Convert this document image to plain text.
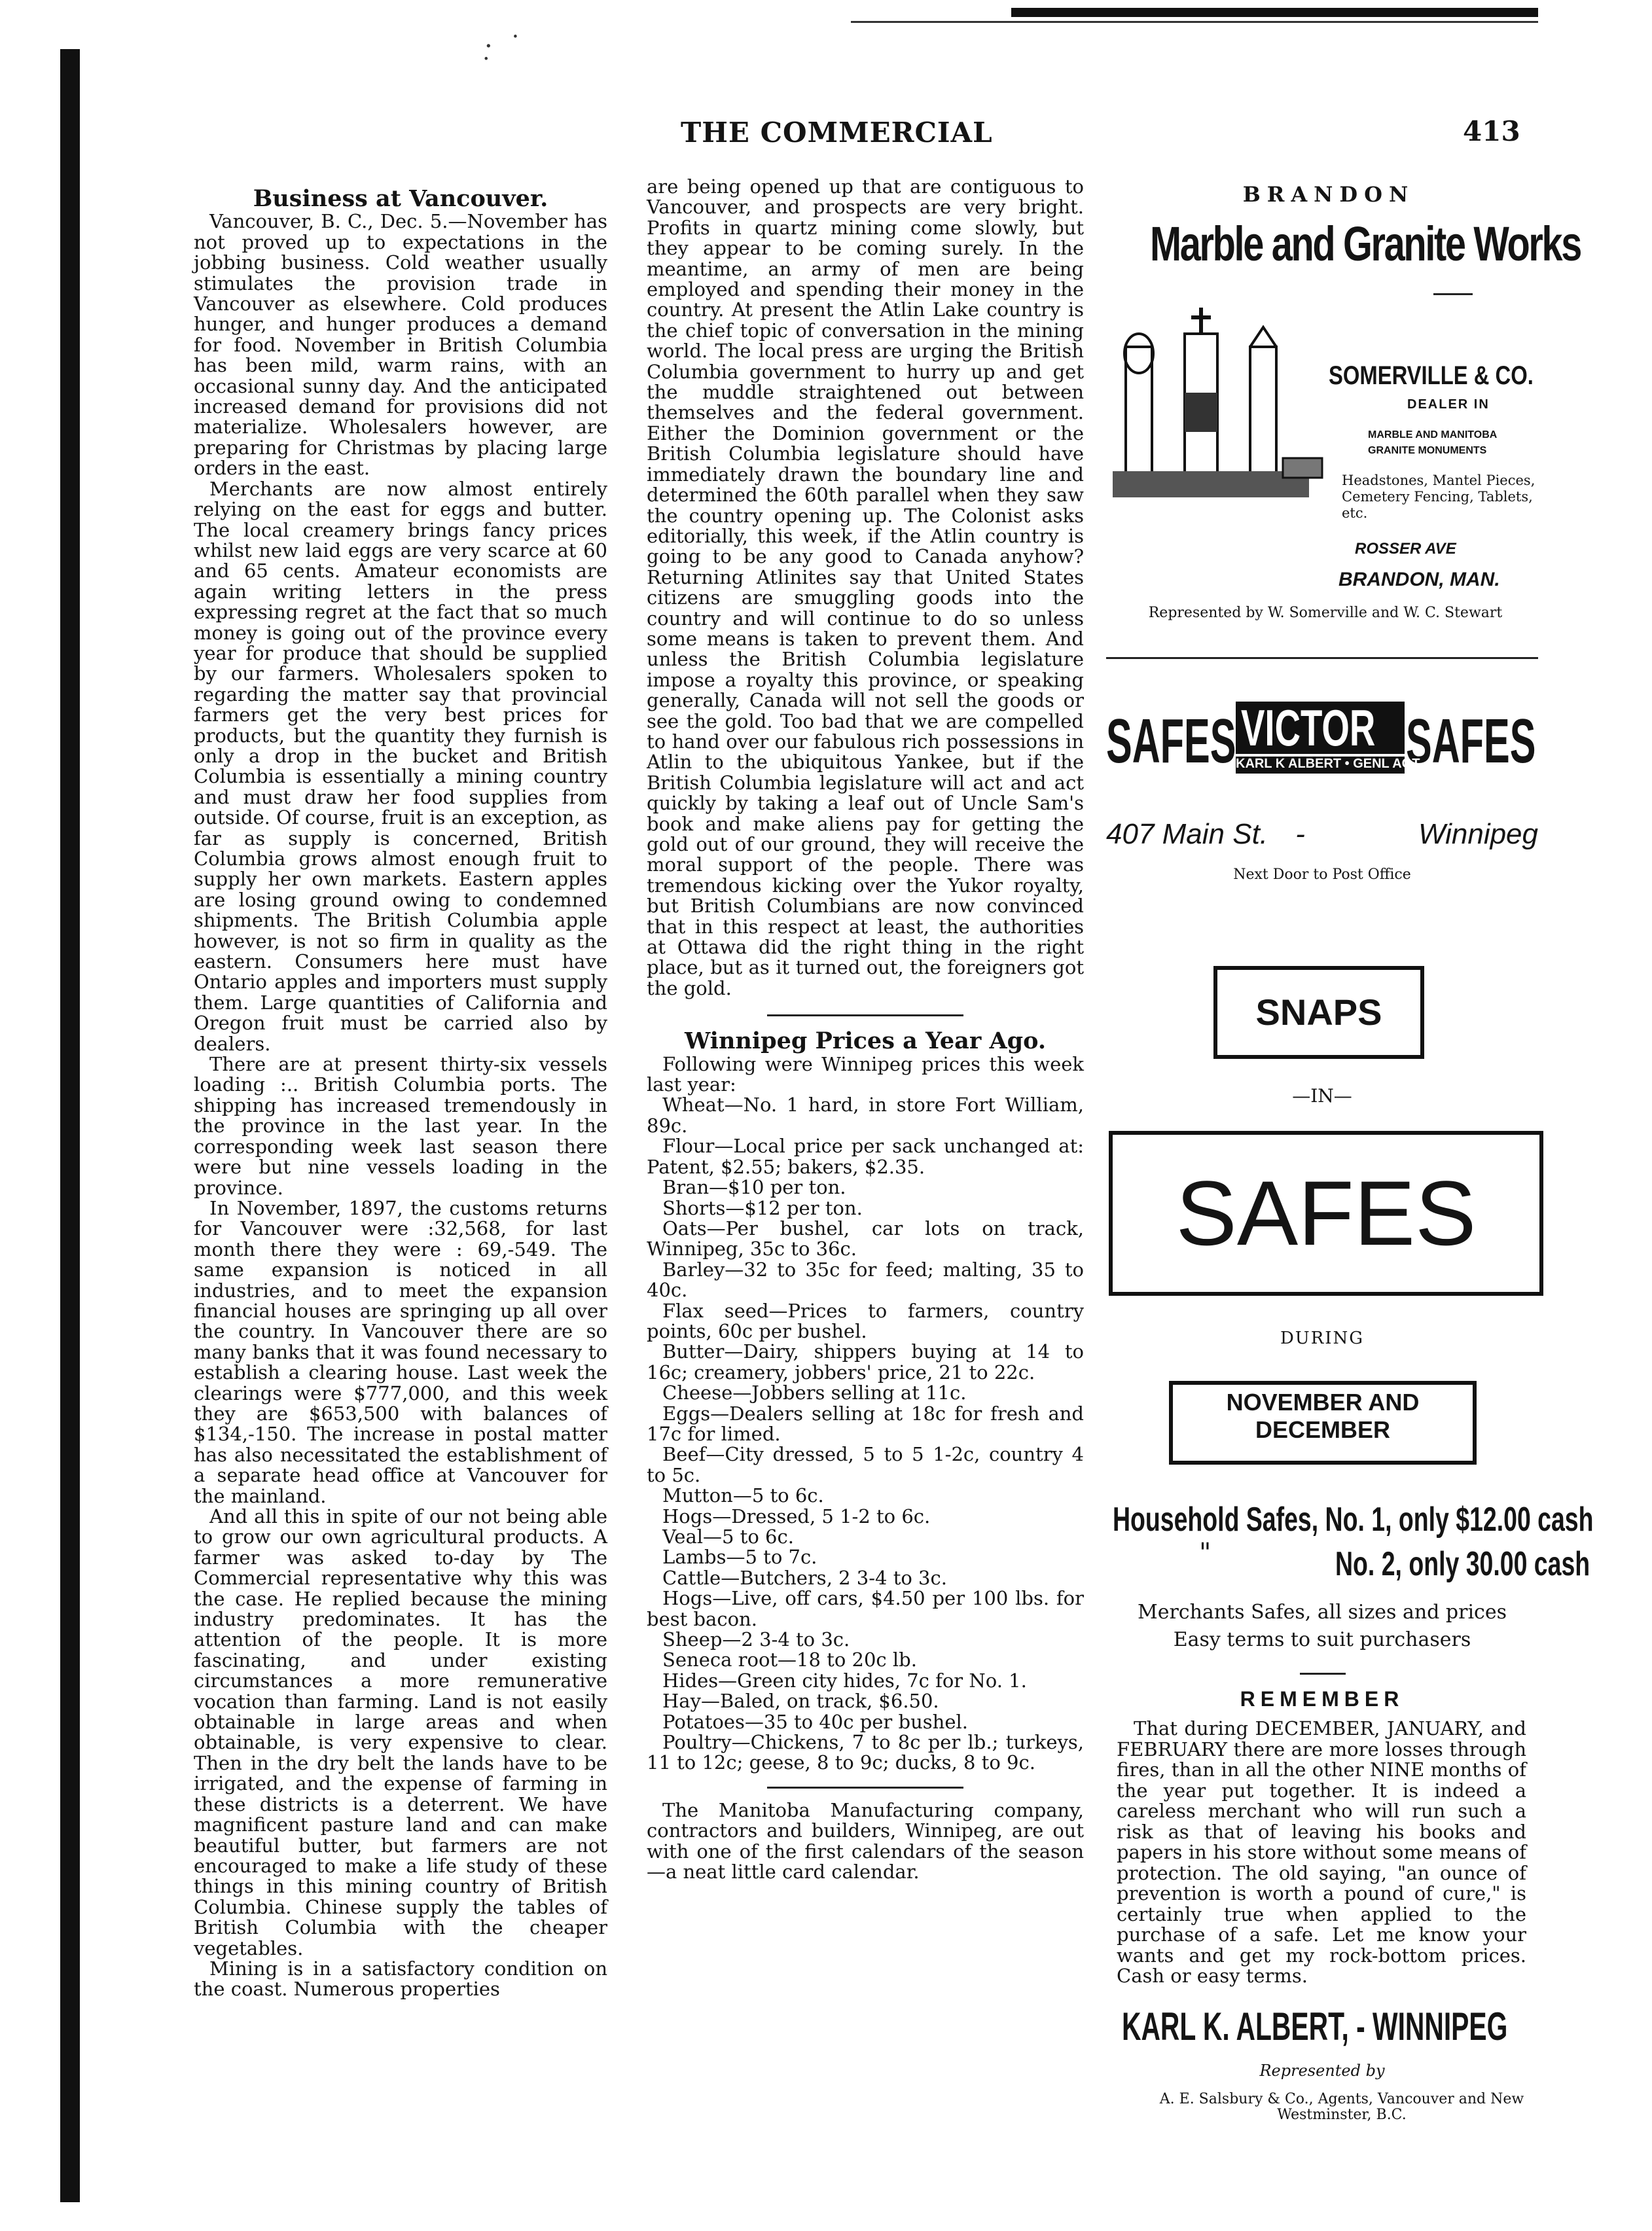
·̣ ˙
THE COMMERCIAL	413
Business at Vancouver.

Vancouver, B. C., Dec. 5.—November has not proved up to expectations in the jobbing business. Cold weather usually stimulates the provision trade in Vancouver as elsewhere. Cold produces hunger, and hunger produces a demand for food. November in British Columbia has been mild, warm rains, with an occasional sunny day. And the anticipated increased demand for provisions did not materialize. Wholesalers however, are preparing for Christmas by placing large orders in the east.

Merchants are now almost entirely relying on the east for eggs and butter. The local creamery brings fancy prices whilst new laid eggs are very scarce at 60 and 65 cents. Amateur economists are again writing letters in the press expressing regret at the fact that so much money is going out of the province every year for produce that should be supplied by our farmers. Wholesalers spoken to regarding the matter say that provincial farmers get the very best prices for products, but the quantity they furnish is only a drop in the bucket and British Columbia is essentially a mining country and must draw her food supplies from outside. Of course, fruit is an exception, as far as supply is concerned, British Columbia grows almost enough fruit to supply her own markets. Eastern apples are losing ground owing to condemned shipments. The British Columbia apple however, is not so firm in quality as the eastern. Consumers here must have Ontario apples and importers must supply them. Large quantities of California and Oregon fruit must be carried also by dealers.

There are at present thirty-six vessels loading :.. British Columbia ports. The shipping has increased tremendously in the province in the last year. In the corresponding week last season there were but nine vessels loading in the province.

In November, 1897, the customs returns for Vancouver were :32,568, for last month there they were : 69,-549. The same expansion is noticed in all industries, and to meet the expansion financial houses are springing up all over the country. In Vancouver there are so many banks that it was found necessary to establish a clearing house. Last week the clearings were $777,000, and this week they are $653,500 with balances of $134,-150. The increase in postal matter has also necessitated the establishment of a separate head office at Vancouver for the mainland.

And all this in spite of our not being able to grow our own agricultural products. A farmer was asked to-day by The Commercial representative why this was the case. He replied because the mining industry predominates. It has the attention of the people. It is more fascinating, and under existing circumstances a more remunerative vocation than farming. Land is not easily obtainable in large areas and when obtainable, is very expensive to clear. Then in the dry belt the lands have to be irrigated, and the expense of farming in these districts is a deterrent. We have magnificent pasture land and can make beautiful butter, but farmers are not encouraged to make a life study of these things in this mining country of British Columbia. Chinese supply the tables of British Columbia with the cheaper vegetables.

Mining is in a satisfactory condition on the coast. Numerous properties

are being opened up that are contiguous to Vancouver, and prospects are very bright. Profits in quartz mining come slowly, but they appear to be coming surely. In the meantime, an army of men are being employed and spending their money in the country. At present the Atlin Lake country is the chief topic of conversation in the mining world. The local press are urging the British Columbia government to hurry up and get the muddle straightened out between themselves and the federal government. Either the Dominion government or the British Columbia legislature should have immediately drawn the boundary line and determined the 60th parallel when they saw the country opening up. The Colonist asks editorially, this week, if the Atlin country is going to be any good to Canada anyhow? Returning Atlinites say that United States citizens are smuggling goods into the country and will continue to do so unless some means is taken to prevent them. And unless the British Columbia legislature impose a royalty this province, or speaking generally, Canada will not sell the goods or see the gold. Too bad that we are compelled to hand over our fabulous rich possessions in Atlin to the ubiquitous Yankee, but if the British Columbia legislature will act and act quickly by taking a leaf out of Uncle Sam's book and make aliens pay for getting the gold out of our ground, they will receive the moral support of the people. There was tremendous kicking over the Yukor royalty, but British Columbians are now convinced that in this respect at least, the authorities at Ottawa did the right thing in the right place, but as it turned out, the foreigners got the gold.

Winnipeg Prices a Year Ago.

Following were Winnipeg prices this week last year:

Wheat—No. 1 hard, in store Fort William, 89c.

Flour—Local price per sack unchanged at: Patent, $2.55; bakers, $2.35.

Bran—$10 per ton.

Shorts—$12 per ton.

Oats—Per bushel, car lots on track, Winnipeg, 35c to 36c.

Barley—32 to 35c for feed; malting, 35 to 40c.

Flax seed—Prices to farmers, country points, 60c per bushel.

Butter—Dairy, shippers buying at 14 to 16c; creamery, jobbers' price, 21 to 22c.

Cheese—Jobbers selling at 11c.

Eggs—Dealers selling at 18c for fresh and 17c for limed.

Beef—City dressed, 5 to 5 1-2c, country 4 to 5c.

Mutton—5 to 6c.

Hogs—Dressed, 5 1-2 to 6c.

Veal—5 to 6c.

Lambs—5 to 7c.

Cattle—Butchers, 2 3-4 to 3c.

Hogs—Live, off cars, $4.50 per 100 lbs. for best bacon.

Sheep—2 3-4 to 3c.

Seneca root—18 to 20c lb.

Hides—Green city hides, 7c for No. 1.

Hay—Baled, on track, $6.50.

Potatoes—35 to 40c per bushel.

Poultry—Chickens, 7 to 8c per lb.; turkeys, 11 to 12c; geese, 8 to 9c; ducks, 8 to 9c.

The Manitoba Manufacturing company, contractors and builders, Winnipeg, are out with one of the first calendars of the season—a neat little card calendar.

BRANDON
Marble and Granite Works
SOMERVILLE & CO.
DEALER IN
MARBLE AND MANITOBA
GRANITE MONUMENTS
Headstones, Mantel Pieces, Cemetery Fencing, Tablets, etc.
ROSSER AVE
BRANDON, MAN.
Represented by W. Somerville and W. C. Stewart
SAFES VICTOR SAFES
KARL K ALBERT • GENL AGT
407 Main St. -	Winnipeg
Next Door to Post Office
SNAPS
—IN—
SAFES
DURING
NOVEMBER AND DECEMBER
Household Safes, No. 1, only $12.00 cash
"	No. 2, only 30.00 cash
Merchants Safes, all sizes and prices
Easy terms to suit purchasers
REMEMBER
That during DECEMBER, JANUARY, and FEBRUARY there are more losses through fires, than in all the other NINE months of the year put together. It is indeed a careless merchant who will run such a risk as that of leaving his books and papers in his store without some means of protection. The old saying, "an ounce of prevention is worth a pound of cure," is certainly true when applied to the purchase of a safe. Let me know your wants and get my rock-bottom prices. Cash or easy terms.
KARL K. ALBERT, - WINNIPEG
Represented by
A. E. Salsbury & Co., Agents, Vancouver and New Westminster, B.C.
